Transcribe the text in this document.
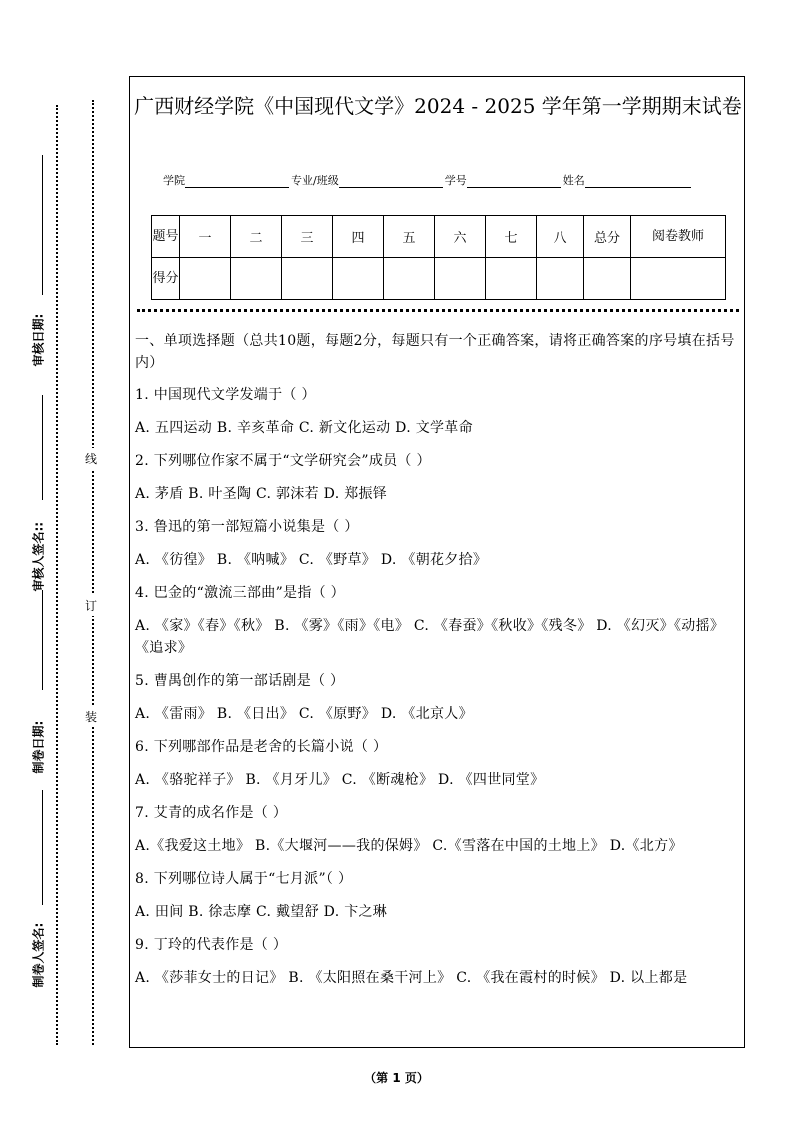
审核日期:
审核人签名::
制卷日期:
制卷人签名:
线
订
装
广西财经学院《中国现代文学》2024 - 2025 学年第一学期期末试卷
学院	专业/班级	学号	姓名
题号	一	二	三	四	五	六	七	八	总分	阅卷教师
得分										

一、单项选择题（总共10题，每题2分，每题只有一个正确答案，请将正确答案的序号填在括号内）

1. 中国现代文学发端于（ ）

A. 五四运动 B. 辛亥革命 C. 新文化运动 D. 文学革命

2. 下列哪位作家不属于“文学研究会”成员（ ）

A. 茅盾 B. 叶圣陶 C. 郭沫若 D. 郑振铎

3. 鲁迅的第一部短篇小说集是（ ）

A. 《彷徨》 B. 《呐喊》 C. 《野草》 D. 《朝花夕拾》

4. 巴金的“激流三部曲”是指（ ）

A. 《家》《春》《秋》 B. 《雾》《雨》《电》 C. 《春蚕》《秋收》《残冬》 D. 《幻灭》《动摇》《追求》

5. 曹禺创作的第一部话剧是（ ）

A. 《雷雨》 B. 《日出》 C. 《原野》 D. 《北京人》

6. 下列哪部作品是老舍的长篇小说（ ）

A. 《骆驼祥子》 B. 《月牙儿》 C. 《断魂枪》 D. 《四世同堂》

7. 艾青的成名作是（ ）

A.《我爱这土地》 B.《大堰河——我的保姆》 C.《雪落在中国的土地上》 D.《北方》

8. 下列哪位诗人属于“七月派”（ ）

A. 田间 B. 徐志摩 C. 戴望舒 D. 卞之琳

9. 丁玲的代表作是（ ）

A. 《莎菲女士的日记》 B. 《太阳照在桑干河上》 C. 《我在霞村的时候》 D. 以上都是

（第 1 页）
